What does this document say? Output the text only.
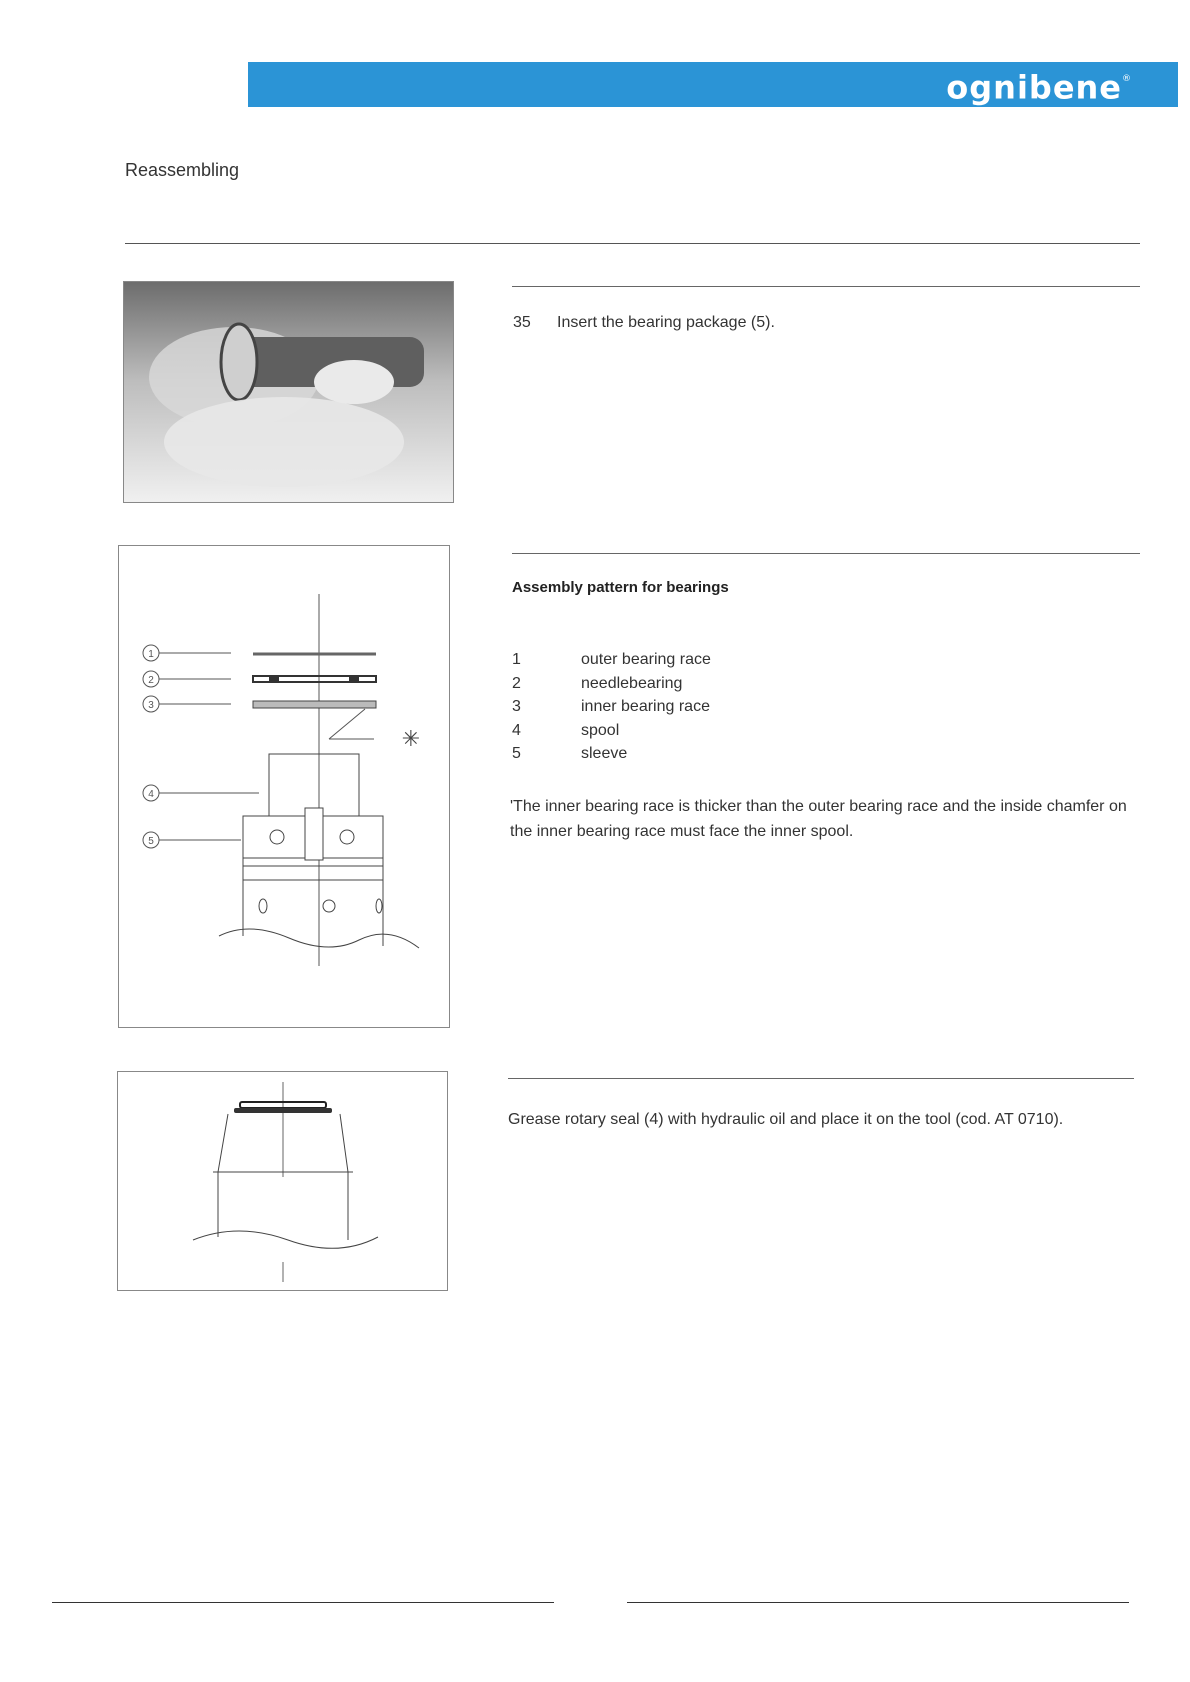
ognibene®
Reassembling
35 Insert the bearing package (5).
1
2
3
✳
4
5
Assembly pattern for bearings
1	outer bearing race
2	needlebearing
3	inner bearing race
4	spool
5	sleeve
'The inner bearing race is thicker than the outer bearing race and the inside chamfer on the inner bearing race must face the inner spool.
Grease rotary seal (4) with hydraulic oil and place it on the tool (cod. AT 0710).
